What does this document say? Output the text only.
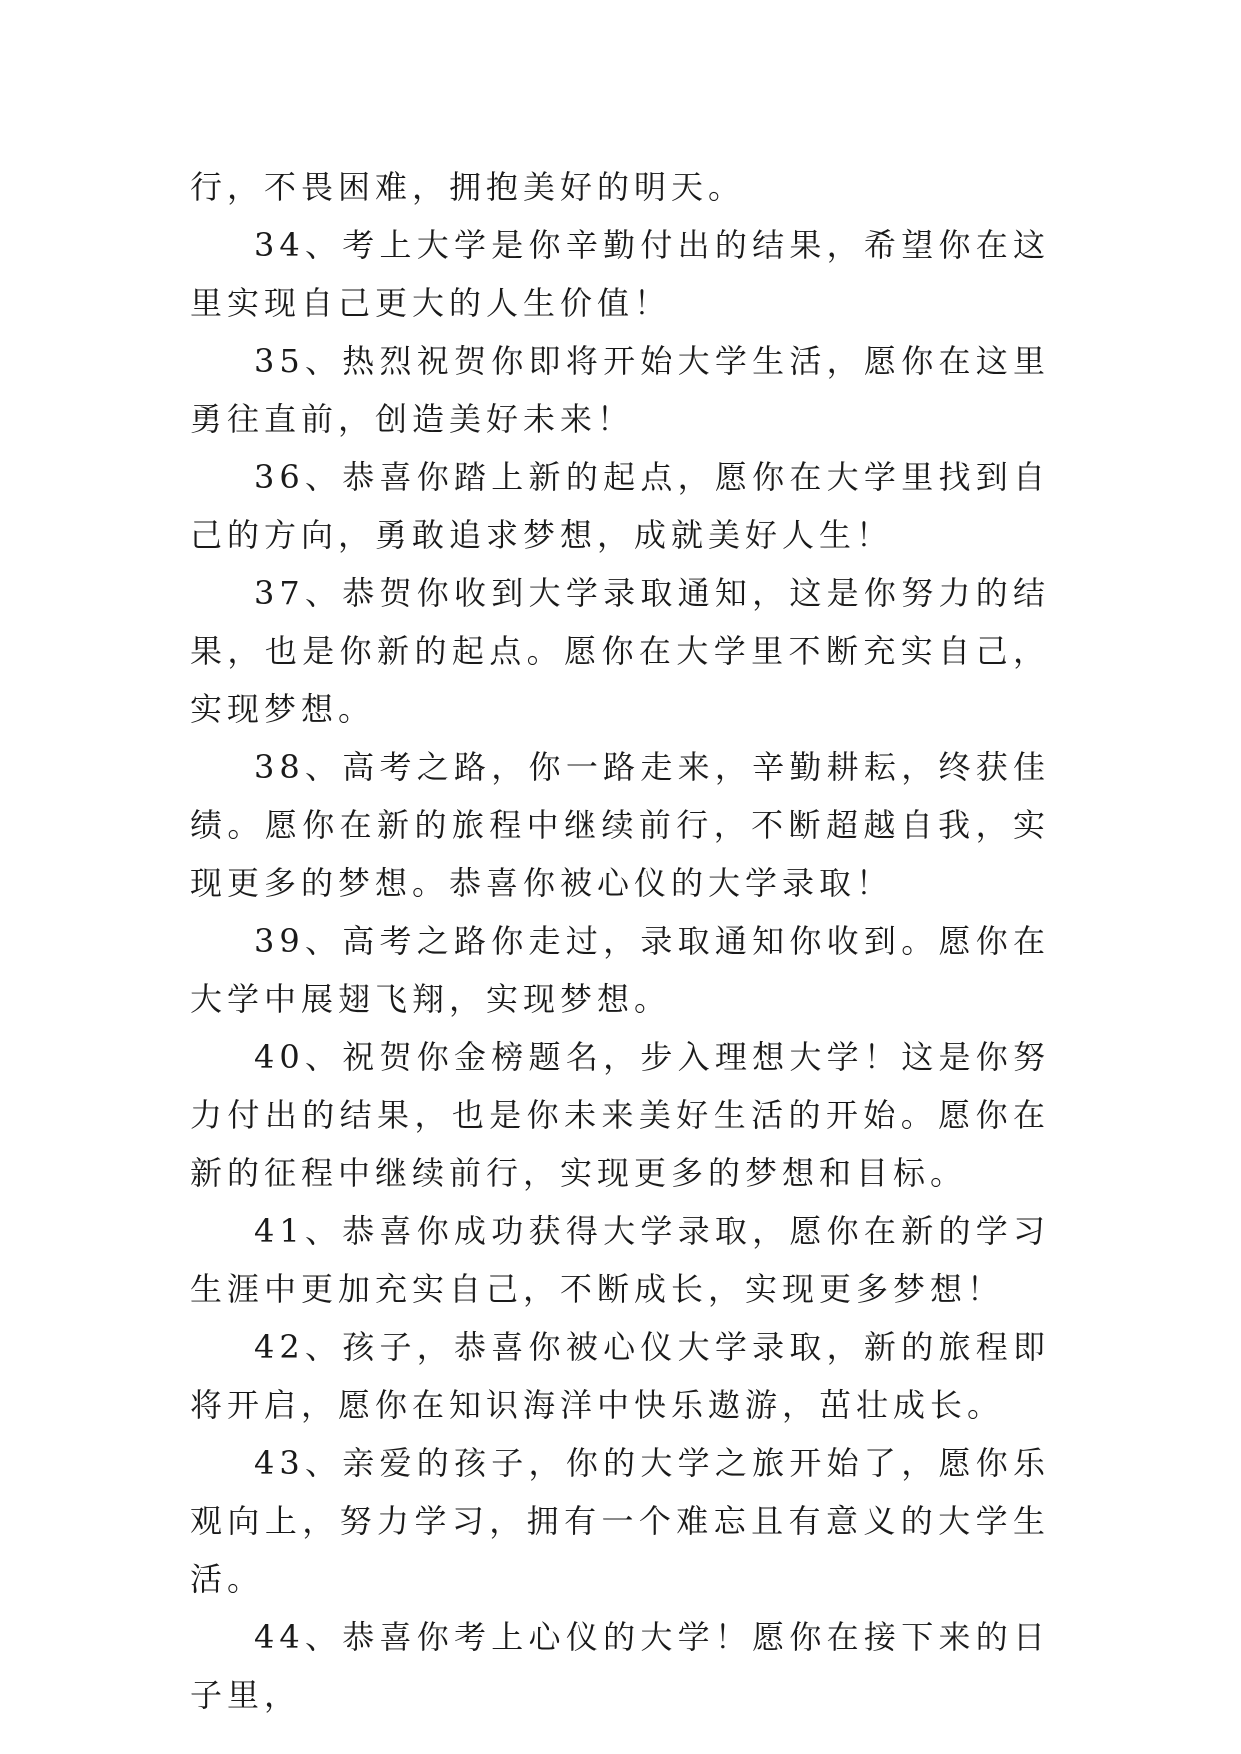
行，不畏困难，拥抱美好的明天。

34、考上大学是你辛勤付出的结果，希望你在这里实现自己更大的人生价值！

35、热烈祝贺你即将开始大学生活，愿你在这里勇往直前，创造美好未来！

36、恭喜你踏上新的起点，愿你在大学里找到自己的方向，勇敢追求梦想，成就美好人生！

37、恭贺你收到大学录取通知，这是你努力的结果，也是你新的起点。愿你在大学里不断充实自己，实现梦想。

38、高考之路，你一路走来，辛勤耕耘，终获佳绩。愿你在新的旅程中继续前行，不断超越自我，实现更多的梦想。恭喜你被心仪的大学录取！

39、高考之路你走过，录取通知你收到。愿你在大学中展翅飞翔，实现梦想。

40、祝贺你金榜题名，步入理想大学！这是你努力付出的结果，也是你未来美好生活的开始。愿你在新的征程中继续前行，实现更多的梦想和目标。

41、恭喜你成功获得大学录取，愿你在新的学习生涯中更加充实自己，不断成长，实现更多梦想！

42、孩子，恭喜你被心仪大学录取，新的旅程即将开启，愿你在知识海洋中快乐遨游，茁壮成长。

43、亲爱的孩子，你的大学之旅开始了，愿你乐观向上，努力学习，拥有一个难忘且有意义的大学生活。

44、恭喜你考上心仪的大学！愿你在接下来的日子里，
